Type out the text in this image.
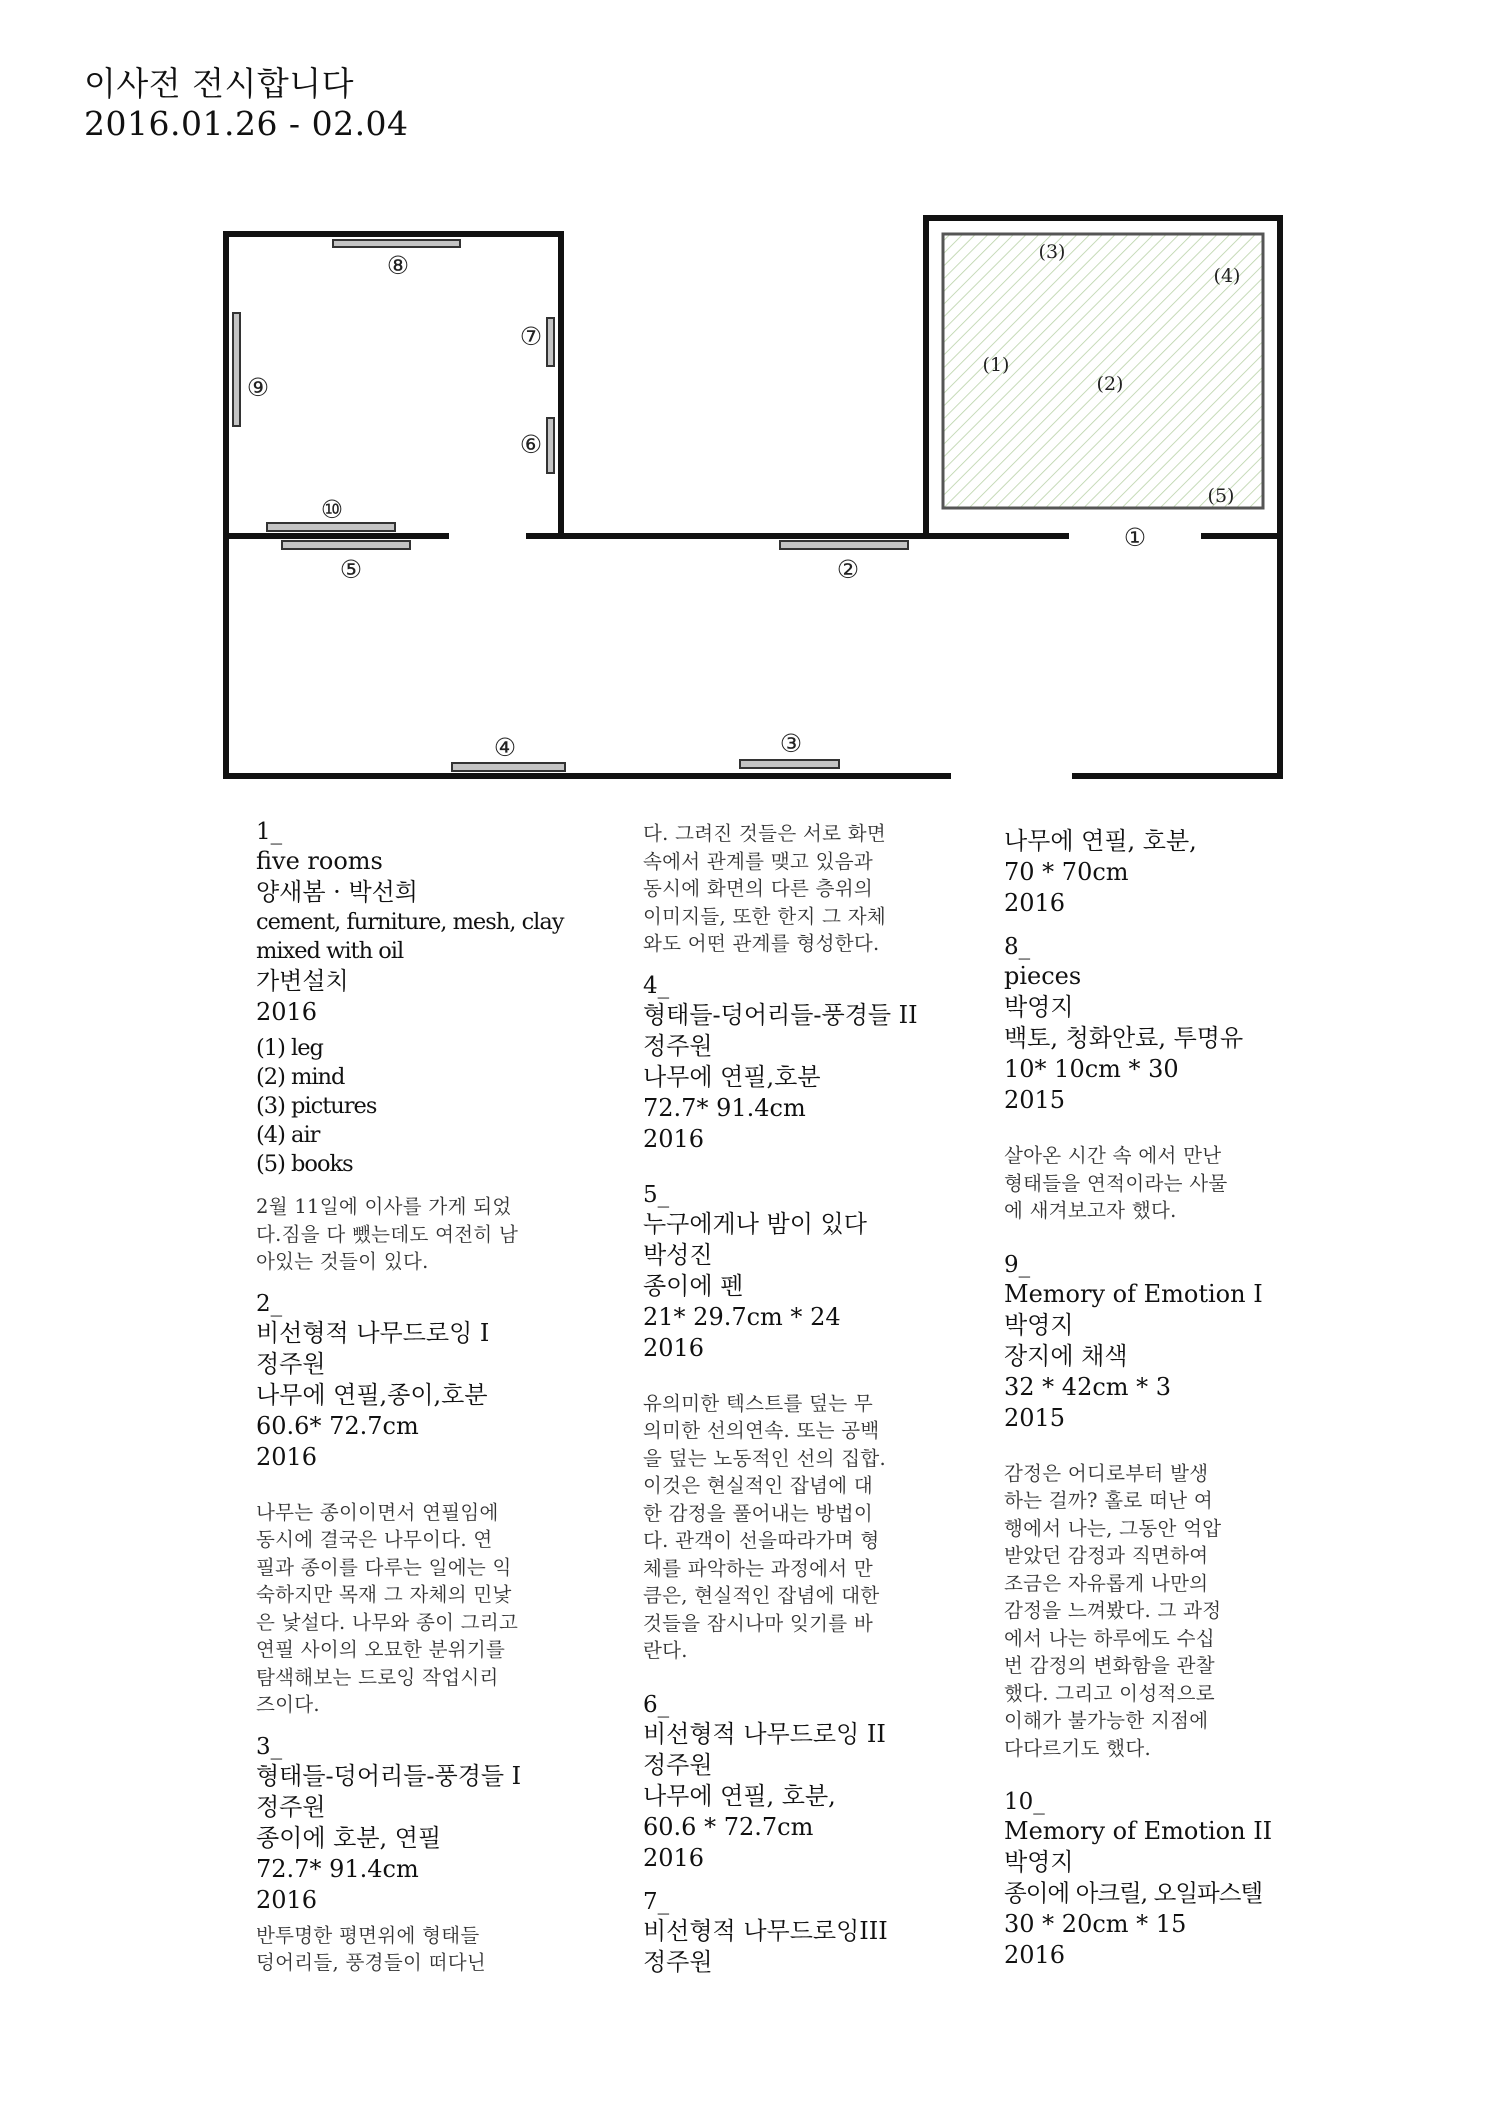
이사전 전시합니다
2016.01.26 - 02.04
①
②
③
④
⑤
⑥
⑦
⑧
⑨
⑩
(1)
(2)
(3)
(4)
(5)
1_
five rooms
양새봄 · 박선희
cement, furniture, mesh, clay
mixed with oil
가변설치
2016
(1) leg
(2) mind
(3) pictures
(4) air
(5) books
2월 11일에 이사를 가게 되었
다.짐을 다 뺐는데도 여전히 남
아있는 것들이 있다.
2_
비선형적 나무드로잉 I
정주원
나무에 연필,종이,호분
60.6* 72.7cm
2016
나무는 종이이면서 연필임에
동시에 결국은 나무이다. 연
필과 종이를 다루는 일에는 익
숙하지만 목재 그 자체의 민낯
은 낯설다. 나무와 종이 그리고
연필 사이의 오묘한 분위기를
탐색해보는 드로잉 작업시리
즈이다.
3_
형태들-덩어리들-풍경들 I
정주원
종이에 호분, 연필
72.7* 91.4cm
2016
반투명한 평면위에 형태들
덩어리들, 풍경들이 떠다닌
다. 그려진 것들은 서로 화면
속에서 관계를 맺고 있음과
동시에 화면의 다른 층위의
이미지들, 또한 한지 그 자체
와도 어떤 관계를 형성한다.
4_
형태들-덩어리들-풍경들 II
정주원
나무에 연필,호분
72.7* 91.4cm
2016
5_
누구에게나 밤이 있다
박성진
종이에 펜
21* 29.7cm * 24
2016
유의미한 텍스트를 덮는 무
의미한 선의연속. 또는 공백
을 덮는 노동적인 선의 집합.
이것은 현실적인 잡념에 대
한 감정을 풀어내는 방법이
다. 관객이 선을따라가며 형
체를 파악하는 과정에서 만
큼은, 현실적인 잡념에 대한
것들을 잠시나마 잊기를 바
란다.
6_
비선형적 나무드로잉 II
정주원
나무에 연필, 호분,
60.6 * 72.7cm
2016
7_
비선형적 나무드로잉III
정주원
나무에 연필, 호분,
70 * 70cm
2016
8_
pieces
박영지
백토, 청화안료, 투명유
10* 10cm * 30
2015
살아온 시간 속 에서 만난
형태들을 연적이라는 사물
에 새겨보고자 했다.
9_
Memory of Emotion I
박영지
장지에 채색
32 * 42cm * 3
2015
감정은 어디로부터 발생
하는 걸까? 홀로 떠난 여
행에서 나는, 그동안 억압
받았던 감정과 직면하여
조금은 자유롭게 나만의
감정을 느껴봤다. 그 과정
에서 나는 하루에도 수십
번 감정의 변화함을 관찰
했다. 그리고 이성적으로
이해가 불가능한 지점에
다다르기도 했다.
10_
Memory of Emotion II
박영지
종이에 아크릴, 오일파스텔
30 * 20cm * 15
2016
